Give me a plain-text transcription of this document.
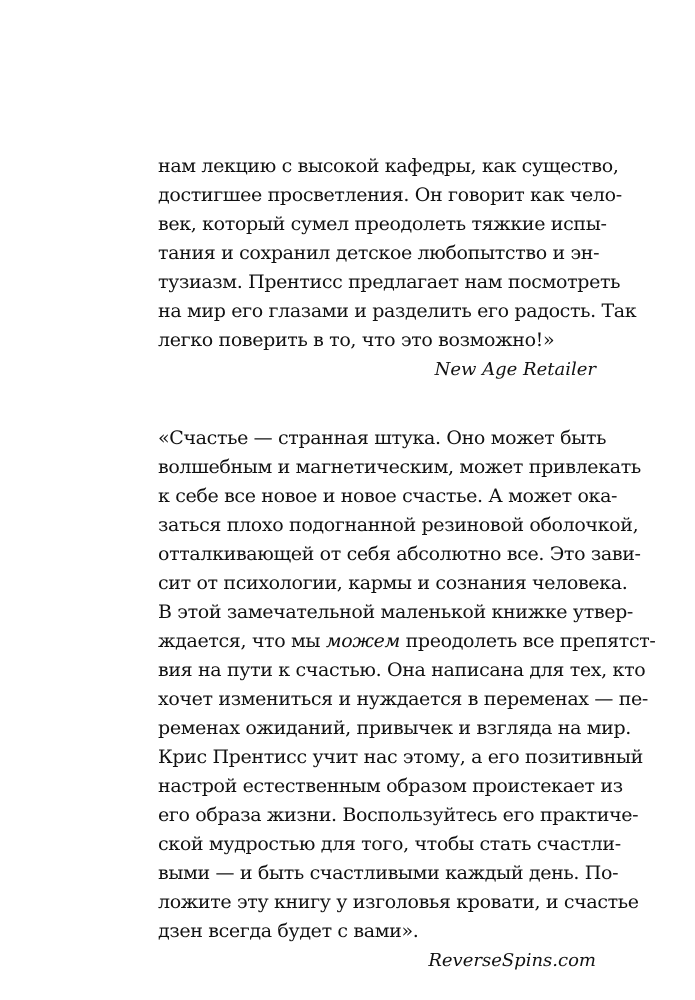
нам лекцию с высокой кафедры, как существо,
достигшее просветления. Он говорит как чело-
век, который сумел преодолеть тяжкие испы-
тания и сохранил детское любопытство и эн-
тузиазм. Прентисс предлагает нам посмотреть
на мир его глазами и разделить его радость. Так
легко поверить в то, что это возможно!»
New Age Retailer
«Счастье — странная штука. Оно может быть
волшебным и магнетическим, может привлекать
к себе все новое и новое счастье. А может ока-
заться плохо подогнанной резиновой оболочкой,
отталкивающей от себя абсолютно все. Это зави-
сит от психологии, кармы и сознания человека.
В этой замечательной маленькой книжке утвер-
ждается, что мы можем преодолеть все препятст-
вия на пути к счастью. Она написана для тех, кто
хочет измениться и нуждается в переменах — пе-
ременах ожиданий, привычек и взгляда на мир.
Крис Прентисс учит нас этому, а его позитивный
настрой естественным образом проистекает из
его образа жизни. Воспользуйтесь его практиче-
ской мудростью для того, чтобы стать счастли-
выми — и быть счастливыми каждый день. По-
ложите эту книгу у изголовья кровати, и счастье
дзен всегда будет с вами».
ReverseSpins.com
